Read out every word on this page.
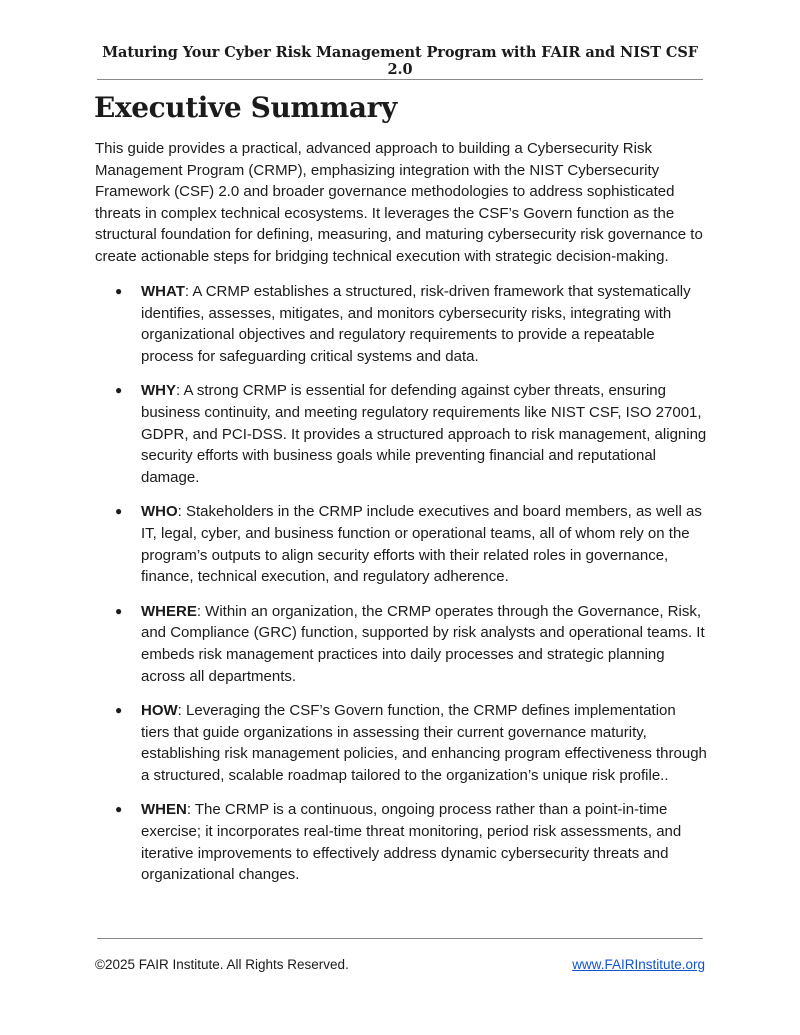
Maturing Your Cyber Risk Management Program with FAIR and NIST CSF 2.0
Executive Summary

This guide provides a practical, advanced approach to building a Cybersecurity Risk Management Program (CRMP), emphasizing integration with the NIST Cybersecurity Framework (CSF) 2.0 and broader governance methodologies to address sophisticated threats in complex technical ecosystems. It leverages the CSF’s Govern function as the structural foundation for defining, measuring, and maturing cybersecurity risk governance to create actionable steps for bridging technical execution with strategic decision-making.

● WHAT: A CRMP establishes a structured, risk-driven framework that systematically identifies, assesses, mitigates, and monitors cybersecurity risks, integrating with organizational objectives and regulatory requirements to provide a repeatable process for safeguarding critical systems and data.
● WHY: A strong CRMP is essential for defending against cyber threats, ensuring business continuity, and meeting regulatory requirements like NIST CSF, ISO 27001, GDPR, and PCI-DSS. It provides a structured approach to risk management, aligning security efforts with business goals while preventing financial and reputational damage.
● WHO: Stakeholders in the CRMP include executives and board members, as well as IT, legal, cyber, and business function or operational teams, all of whom rely on the program’s outputs to align security efforts with their related roles in governance, finance, technical execution, and regulatory adherence.
● WHERE: Within an organization, the CRMP operates through the Governance, Risk, and Compliance (GRC) function, supported by risk analysts and operational teams. It embeds risk management practices into daily processes and strategic planning across all departments.
● HOW: Leveraging the CSF’s Govern function, the CRMP defines implementation tiers that guide organizations in assessing their current governance maturity, establishing risk management policies, and enhancing program effectiveness through a structured, scalable roadmap tailored to the organization’s unique risk profile..
● WHEN: The CRMP is a continuous, ongoing process rather than a point-in-time exercise; it incorporates real-time threat monitoring, period risk assessments, and iterative improvements to effectively address dynamic cybersecurity threats and organizational changes.
©2025 FAIR Institute. All Rights Reserved.	www.FAIRInstitute.org
